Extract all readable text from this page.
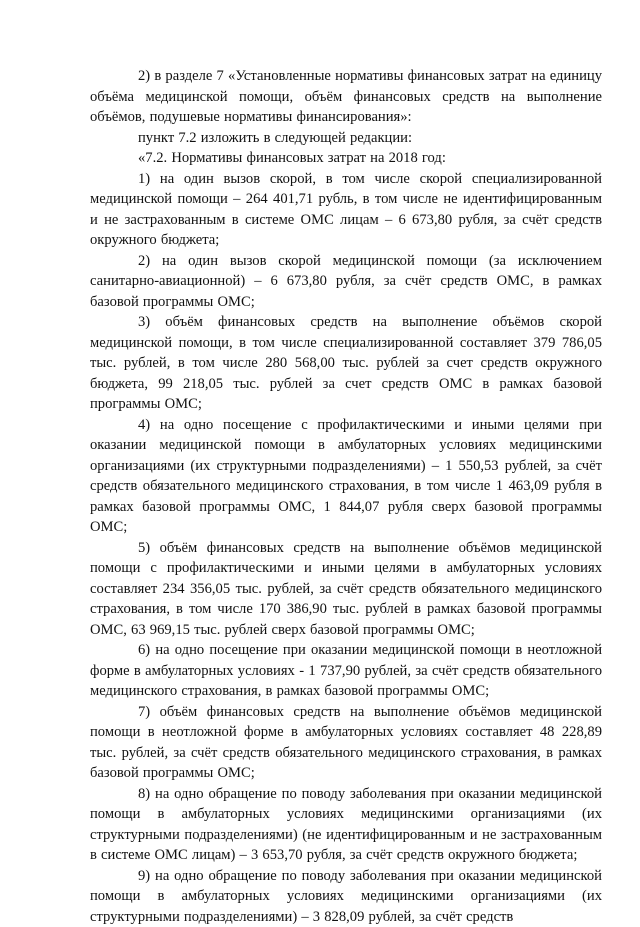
2) в разделе 7 «Установленные нормативы финансовых затрат на единицу объёма медицинской помощи, объём финансовых средств на выполнение объёмов, подушевые нормативы финансирования»:

пункт 7.2 изложить в следующей редакции:

«7.2. Нормативы финансовых затрат на 2018 год:

1) на один вызов скорой, в том числе скорой специализированной медицинской помощи – 264 401,71 рубль, в том числе не идентифицированным и не застрахованным в системе ОМС лицам – 6 673,80 рубля, за счёт средств окружного бюджета;

2) на один вызов скорой медицинской помощи (за исключением санитарно-авиационной) – 6 673,80 рубля, за счёт средств ОМС, в рамках базовой программы ОМС;

3) объём финансовых средств на выполнение объёмов скорой медицинской помощи, в том числе специализированной составляет 379 786,05 тыс. рублей, в том числе 280 568,00 тыс. рублей за счет средств окружного бюджета, 99 218,05 тыс. рублей за счет средств ОМС в рамках базовой программы ОМС;

4) на одно посещение с профилактическими и иными целями при оказании медицинской помощи в амбулаторных условиях медицинскими организациями (их структурными подразделениями) – 1 550,53 рублей, за счёт средств обязательного медицинского страхования, в том числе 1 463,09 рубля в рамках базовой программы ОМС, 1 844,07 рубля сверх базовой программы ОМС;

5) объём финансовых средств на выполнение объёмов медицинской помощи с профилактическими и иными целями в амбулаторных условиях составляет 234 356,05 тыс. рублей, за счёт средств обязательного медицинского страхования, в том числе 170 386,90 тыс. рублей в рамках базовой программы ОМС, 63 969,15 тыс. рублей сверх базовой программы ОМС;

6) на одно посещение при оказании медицинской помощи в неотложной форме в амбулаторных условиях - 1 737,90 рублей, за счёт средств обязательного медицинского страхования, в рамках базовой программы ОМС;

7) объём финансовых средств на выполнение объёмов медицинской помощи в неотложной форме в амбулаторных условиях составляет 48 228,89 тыс. рублей, за счёт средств обязательного медицинского страхования, в рамках базовой программы ОМС;

8) на одно обращение по поводу заболевания при оказании медицинской помощи в амбулаторных условиях медицинскими организациями (их структурными подразделениями) (не идентифицированным и не застрахованным в системе ОМС лицам) – 3 653,70 рубля, за счёт средств окружного бюджета;

9) на одно обращение по поводу заболевания при оказании медицинской помощи в амбулаторных условиях медицинскими организациями (их структурными подразделениями) – 3 828,09 рублей, за счёт средств
